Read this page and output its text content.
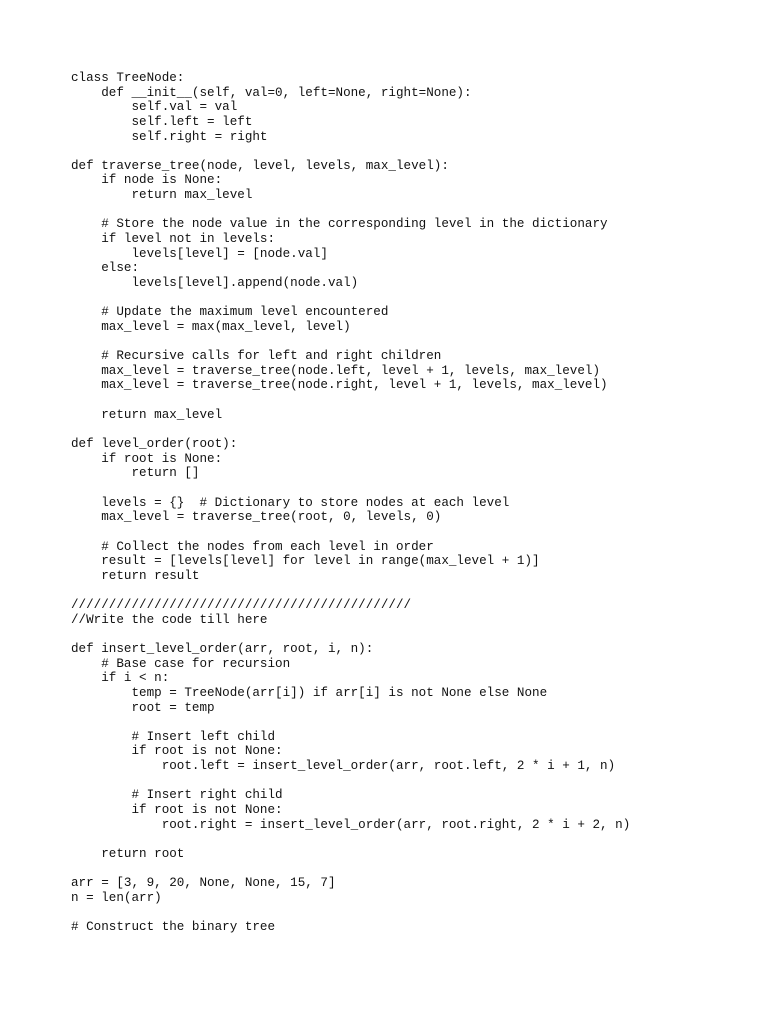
class TreeNode:
def __init__(self, val=0, left=None, right=None):
self.val = val
self.left = left
self.right = right
def traverse_tree(node, level, levels, max_level):
if node is None:
return max_level
# Store the node value in the corresponding level in the dictionary
if level not in levels:
levels[level] = [node.val]
else:
levels[level].append(node.val)
# Update the maximum level encountered
max_level = max(max_level, level)
# Recursive calls for left and right children
max_level = traverse_tree(node.left, level + 1, levels, max_level)
max_level = traverse_tree(node.right, level + 1, levels, max_level)
return max_level
def level_order(root):
if root is None:
return []
levels = {}  # Dictionary to store nodes at each level
max_level = traverse_tree(root, 0, levels, 0)
# Collect the nodes from each level in order
result = [levels[level] for level in range(max_level + 1)]
return result
/////////////////////////////////////////////
//Write the code till here
def insert_level_order(arr, root, i, n):
# Base case for recursion
if i < n:
temp = TreeNode(arr[i]) if arr[i] is not None else None
root = temp
# Insert left child
if root is not None:
root.left = insert_level_order(arr, root.left, 2 * i + 1, n)
# Insert right child
if root is not None:
root.right = insert_level_order(arr, root.right, 2 * i + 2, n)
return root
arr = [3, 9, 20, None, None, 15, 7]
n = len(arr)
# Construct the binary tree
